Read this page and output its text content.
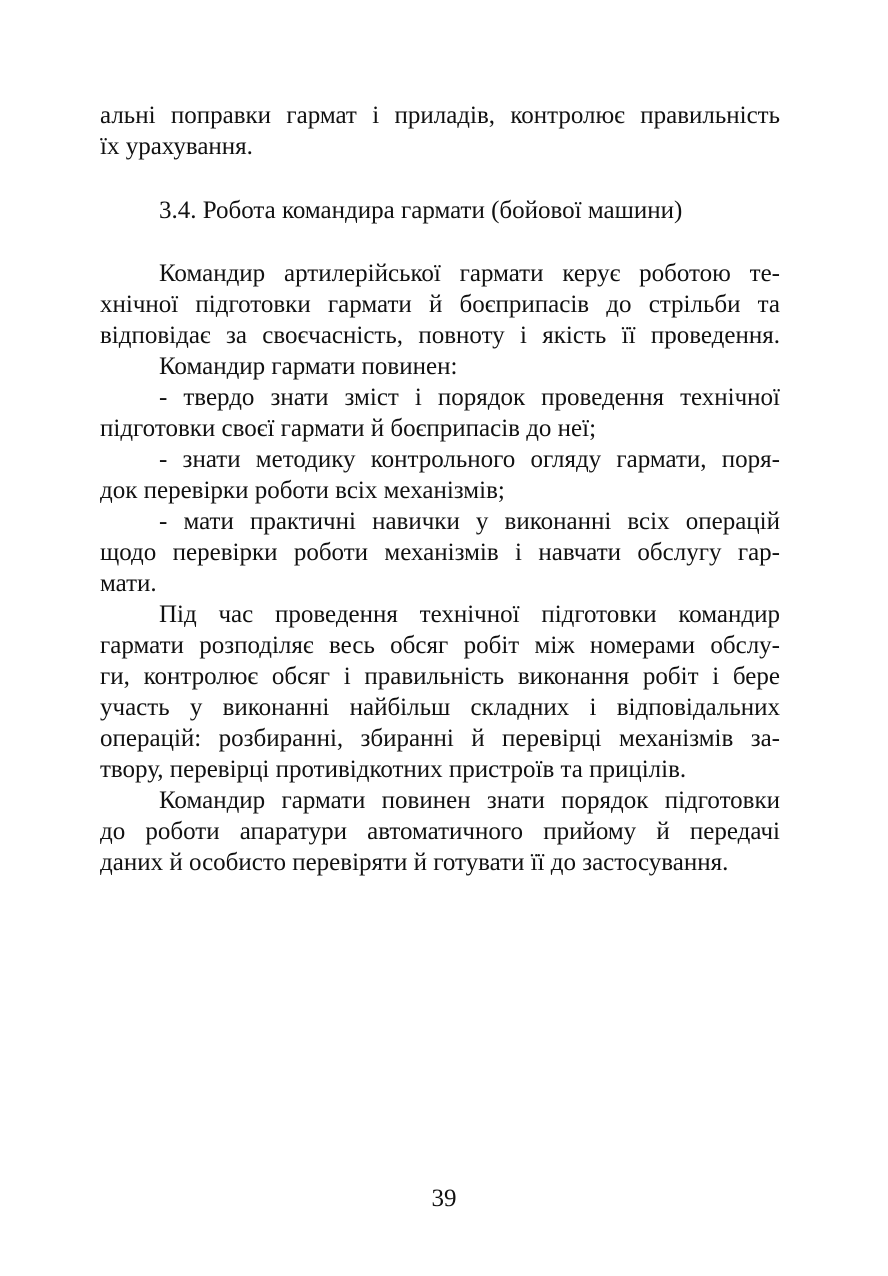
альні поправки гармат і приладів, контролює правильність
їх урахування.
3.4. Робота командира гармати (бойової машини)
Командир артилерійської гармати керує роботою те-
хнічної підготовки гармати й боєприпасів до стрільби та
відповідає за своєчасність, повноту і якість її проведення.
Командир гармати повинен:
- твердо знати зміст і порядок проведення технічної
підготовки своєї гармати й боєприпасів до неї;
- знати методику контрольного огляду гармати, поря-
док перевірки роботи всіх механізмів;
- мати практичні навички у виконанні всіх операцій
щодо перевірки роботи механізмів і навчати обслугу гар-
мати.
Під час проведення технічної підготовки командир
гармати розподіляє весь обсяг робіт між номерами обслу-
ги, контролює обсяг і правильність виконання робіт і бере
участь у виконанні найбільш складних і відповідальних
операцій: розбиранні, збиранні й перевірці механізмів за-
твору, перевірці противідкотних пристроїв та прицілів.
Командир гармати повинен знати порядок підготовки
до роботи апаратури автоматичного прийому й передачі
даних й особисто перевіряти й готувати її до застосування.
39
